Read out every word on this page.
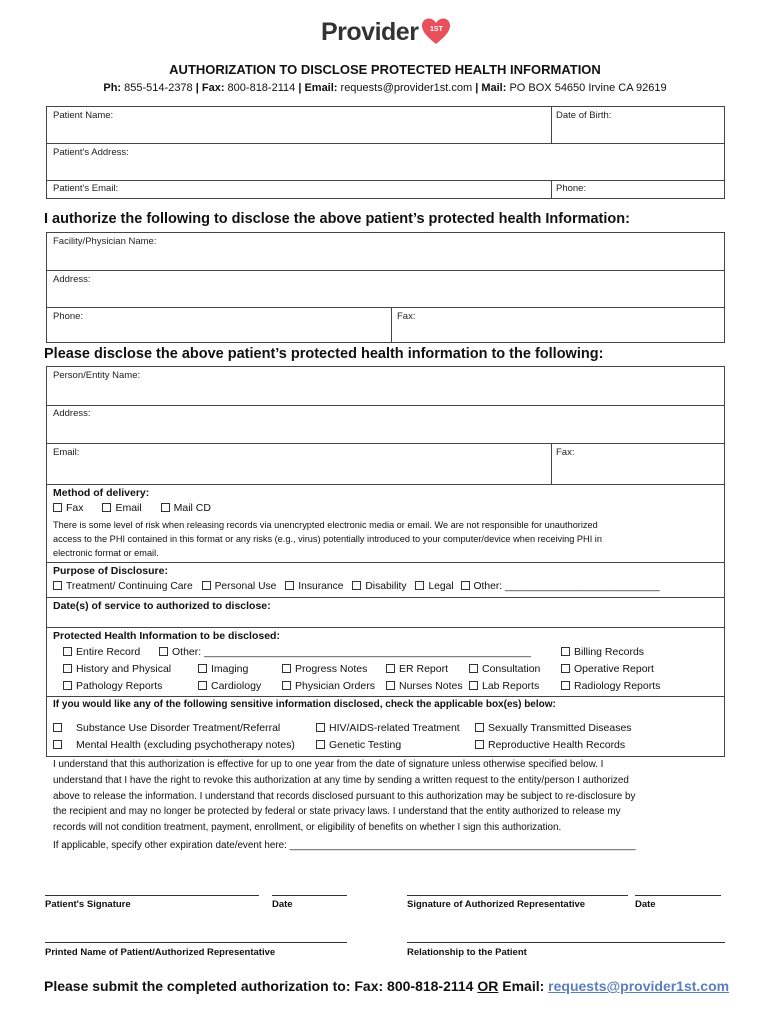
Provider	1ST
AUTHORIZATION TO DISCLOSE PROTECTED HEALTH INFORMATION
Ph: 855-514-2378 | Fax: 800-818-2114 | Email: requests@provider1st.com | Mail: PO BOX 54650 Irvine CA 92619
Patient Name:	Date of Birth:
Patient's Address:
Patient's Email:	Phone:
I authorize the following to disclose the above patient’s protected health Information:
Facility/Physician Name:
Address:
Phone:	Fax:
Please disclose the above patient’s protected health information to the following:
Person/Entity Name:
Address:
Email:	Fax:
Method of delivery:
Fax	Email	Mail CD
There is some level of risk when releasing records via unencrypted electronic media or email. We are not responsible for unauthorized
access to the PHI contained in this format or any risks (e.g., virus) potentially introduced to your computer/device when receiving PHI in
electronic format or email.
Purpose of Disclosure:
Treatment/ Continuing Care Personal Use Insurance Disability Legal Other: ___________________________
Date(s) of service to authorized to disclose:
Protected Health Information to be disclosed:
Entire Record	Other: ________________________________________________________	Billing Records
History and Physical	Imaging	Progress Notes	ER Report	Consultation	Operative Report
Pathology Reports	Cardiology	Physician Orders	Nurses Notes	Lab Reports	Radiology Reports
If you would like any of the following sensitive information disclosed, check the applicable box(es) below:
Substance Use Disorder Treatment/Referral	HIV/AIDS-related Treatment	Sexually Transmitted Diseases
Mental Health (excluding psychotherapy notes)	Genetic Testing	Reproductive Health Records
I understand that this authorization is effective for up to one year from the date of signature unless otherwise specified below. I
understand that I have the right to revoke this authorization at any time by sending a written request to the entity/person I authorized
above to release the information. I understand that records disclosed pursuant to this authorization may be subject to re-disclosure by
the recipient and may no longer be protected by federal or state privacy laws. I understand that the entity authorized to release my
records will not condition treatment, payment, enrollment, or eligibility of benefits on whether I sign this authorization.
If applicable, specify other expiration date/event here: _______________________________________________________________
Patient's Signature	Date	Signature of Authorized Representative	Date
Printed Name of Patient/Authorized Representative	Relationship to the Patient
Please submit the completed authorization to: Fax: 800-818-2114 OR Email: requests@provider1st.com
